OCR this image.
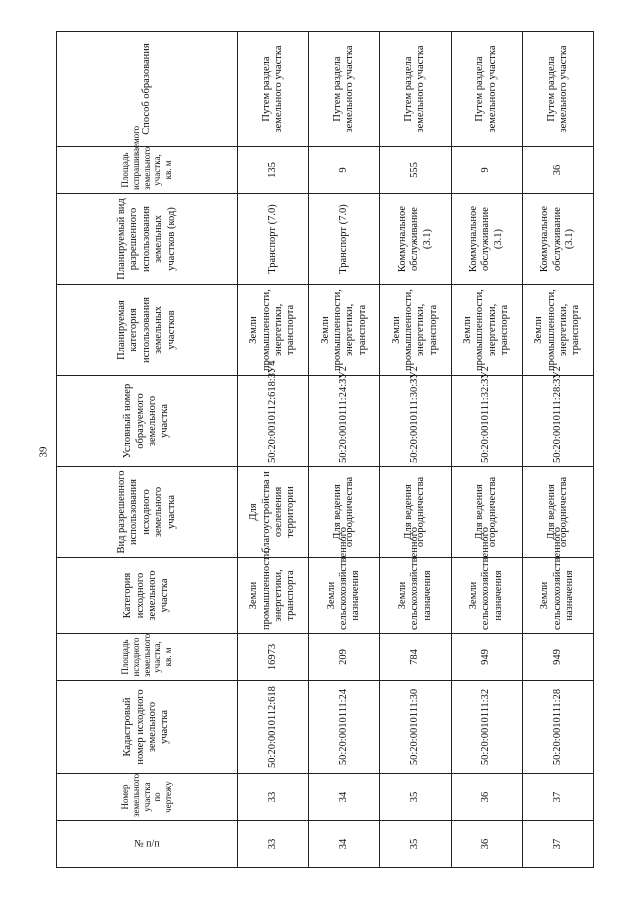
39
№ п/п	Номер земельного участка по чертежу	Кадастровый номер исходного земельного участка	Площадь исходного земельного участка, кв. м	Категория исходного земельного участка	Вид разрешенного использования исходного земельного участка	Условный номер образуемого земельного участка	Планируемая категория использования земельных участков	Планируемый вид разрешенного использования земельных участков (код)	Площадь испрашиваемого земельного участка, кв. м	Способ образования
33	33	50:20:0010112:618	16973	Земли промышленности, энергетики, транспорта	Для благоустройства и озеленения территории	50:20:0010112:618:ЗУ4	Земли промышленности, энергетики, транспорта	Транспорт (7.0)	135	Путем раздела земельного участка
34	34	50:20:0010111:24	209	Земли сельскохозяйственного назначения	Для ведения огородничества	50:20:0010111:24:ЗУ2	Земли промышленности, энергетики, транспорта	Транспорт (7.0)	9	Путем раздела земельного участка
35	35	50:20:0010111:30	784	Земли сельскохозяйственного назначения	Для ведения огородничества	50:20:0010111:30:ЗУ2	Земли промышленности, энергетики, транспорта	Коммунальное обслуживание (3.1)	555	Путем раздела земельного участка
36	36	50:20:0010111:32	949	Земли сельскохозяйственного назначения	Для ведения огородничества	50:20:0010111:32:ЗУ2	Земли промышленности, энергетики, транспорта	Коммунальное обслуживание (3.1)	9	Путем раздела земельного участка
37	37	50:20:0010111:28	949	Земли сельскохозяйственного назначения	Для ведения огородничества	50:20:0010111:28:ЗУ2	Земли промышленности, энергетики, транспорта	Коммунальное обслуживание (3.1)	36	Путем раздела земельного участка
